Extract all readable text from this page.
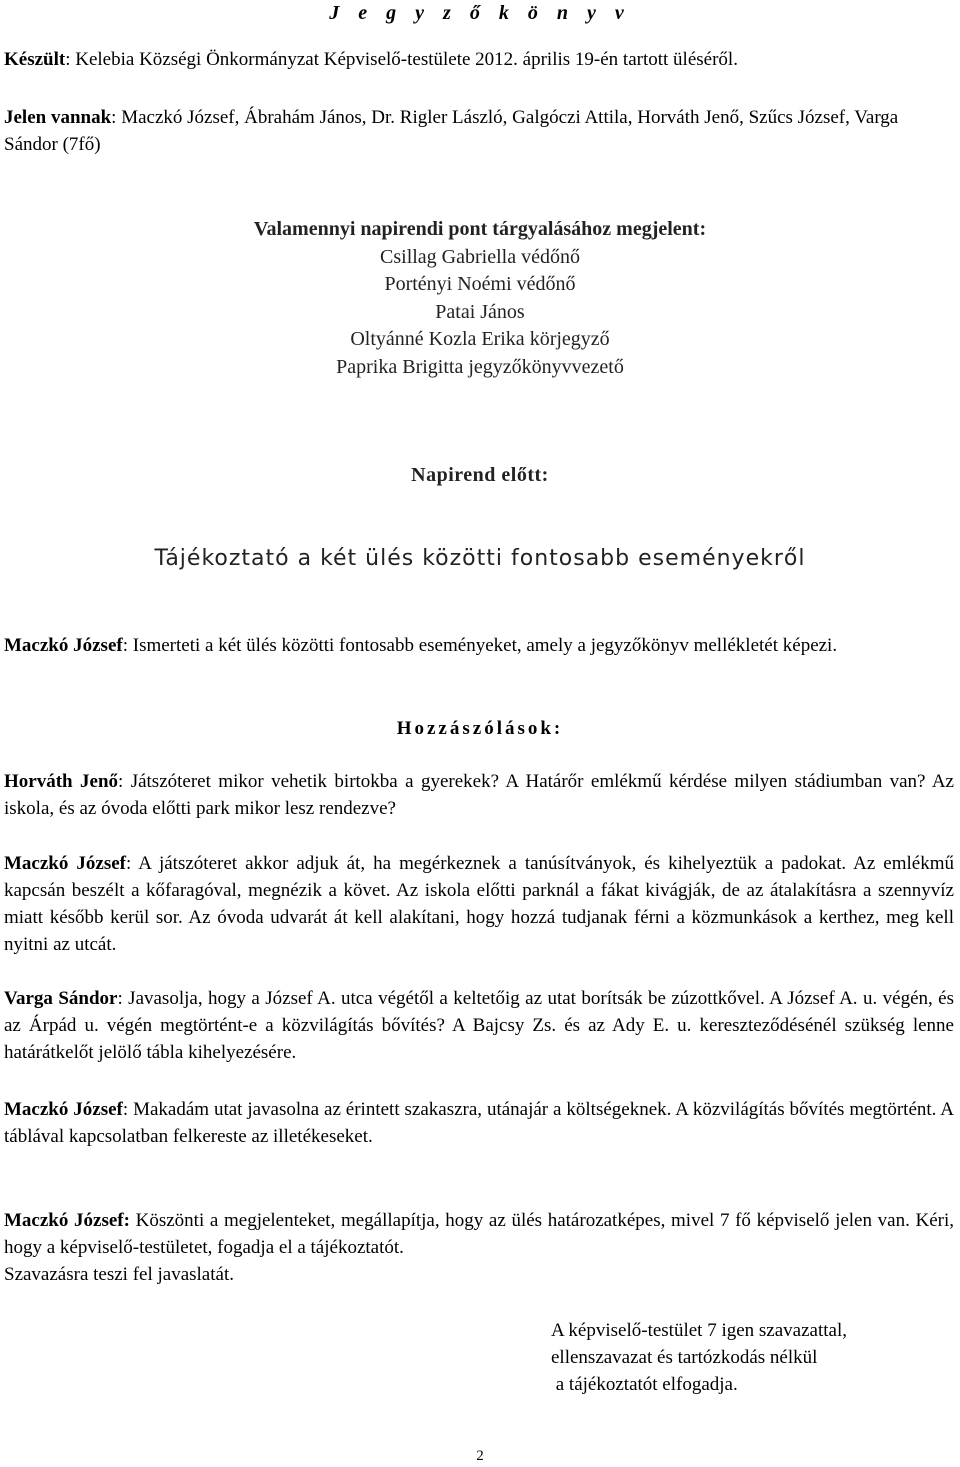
J e g y z ő k ö n y v

Készült: Kelebia Községi Önkormányzat Képviselő-testülete 2012. április 19-én tartott üléséről.

Jelen vannak: Maczkó József, Ábrahám János, Dr. Rigler László, Galgóczi Attila, Horváth Jenő, Szűcs József, Varga Sándor (7fő)

Valamennyi napirendi pont tárgyalásához megjelent:
Csillag Gabriella védőnő
Portényi Noémi védőnő
Patai János
Oltyánné Kozla Erika körjegyző
Paprika Brigitta jegyzőkönyvvezető
Napirend előtt:
Tájékoztató a két ülés közötti fontosabb eseményekről

Maczkó József: Ismerteti a két ülés közötti fontosabb eseményeket, amely a jegyzőkönyv mellékletét képezi.

Hozzászólások:

Horváth Jenő: Játszóteret mikor vehetik birtokba a gyerekek? A Határőr emlékmű kérdése milyen stádiumban van? Az iskola, és az óvoda előtti park mikor lesz rendezve?

Maczkó József: A játszóteret akkor adjuk át, ha megérkeznek a tanúsítványok, és kihelyeztük a padokat. Az emlékmű kapcsán beszélt a kőfaragóval, megnézik a követ. Az iskola előtti parknál a fákat kivágják, de az átalakításra a szennyvíz miatt később kerül sor. Az óvoda udvarát át kell alakítani, hogy hozzá tudjanak férni a közmunkások a kerthez, meg kell nyitni az utcát.

Varga Sándor: Javasolja, hogy a József A. utca végétől a keltetőig az utat borítsák be zúzottkővel. A József A. u. végén, és az Árpád u. végén megtörtént-e a közvilágítás bővítés? A Bajcsy Zs. és az Ady E. u. kereszteződésénél szükség lenne határátkelőt jelölő tábla kihelyezésére.

Maczkó József: Makadám utat javasolna az érintett szakaszra, utánajár a költségeknek. A közvilágítás bővítés megtörtént. A táblával kapcsolatban felkereste az illetékeseket.

Maczkó József: Köszönti a megjelenteket, megállapítja, hogy az ülés határozatképes, mivel 7 fő képviselő jelen van. Kéri, hogy a képviselő-testületet, fogadja el a tájékoztatót.
Szavazásra teszi fel javaslatát.
A képviselő-testület 7 igen szavazattal,
ellenszavazat és tartózkodás nélkül
a tájékoztatót elfogadja.
2
